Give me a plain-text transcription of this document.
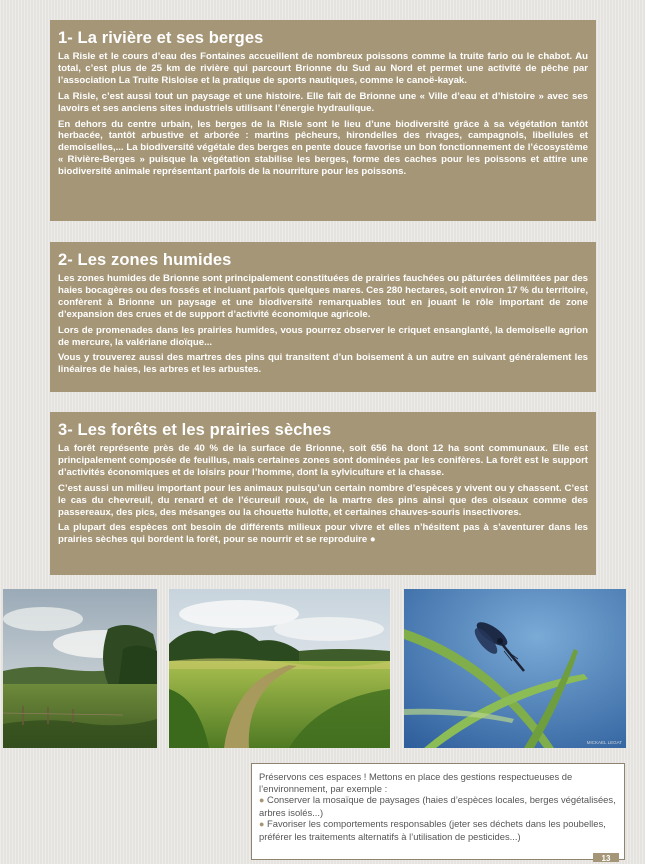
1- La rivière et ses berges

La Risle et le cours d’eau des Fontaines accueillent de nombreux poissons comme la truite fario ou le chabot. Au total, c’est plus de 25 km de rivière qui parcourt Brionne du Sud au Nord et permet une activité de pêche par l’association La Truite Risloise et la pratique de sports nautiques, comme le canoë-kayak.

La Risle, c’est aussi tout un paysage et une histoire. Elle fait de Brionne une « Ville d’eau et d’histoire » avec ses lavoirs et ses anciens sites industriels utilisant l’énergie hydraulique.

En dehors du centre urbain, les berges de la Risle sont le lieu d’une biodiversité grâce à sa végétation tantôt herbacée, tantôt arbustive et arborée : martins pêcheurs, hirondelles des rivages, campagnols, libellules et demoiselles,... La biodiversité végétale des berges en pente douce favorise un bon fonctionnement de l’écosystème « Rivière-Berges » puisque la végétation stabilise les berges, forme des caches pour les poissons et attire une biodiversité animale représentant parfois de la nourriture pour les poissons.

2- Les zones humides

Les zones humides de Brionne sont principalement constituées de prairies fauchées ou pâturées délimitées par des haies bocagères ou des fossés et incluant parfois quelques mares. Ces 280 hectares, soit environ 17 % du territoire, confèrent à Brionne un paysage et une biodiversité remarquables tout en jouant le rôle important de zone d’expansion des crues et de support d’activité économique agricole.

Lors de promenades dans les prairies humides, vous pourrez observer le criquet ensanglanté, la demoiselle agrion de mercure, la valériane dioïque...

Vous y trouverez aussi des martres des pins qui transitent d’un boisement à un autre en suivant généralement les linéaires de haies, les arbres et les arbustes.

3- Les forêts et les prairies sèches

La forêt représente près de 40 % de la surface de Brionne, soit 656 ha dont 12 ha sont communaux. Elle est principalement composée de feuillus, mais certaines zones sont dominées par les conifères. La forêt est le support d’activités économiques et de loisirs pour l’homme, dont la sylviculture et la chasse.

C’est aussi un milieu important pour les animaux puisqu’un certain nombre d’espèces y vivent ou y chassent. C’est le cas du chevreuil, du renard et de l’écureuil roux, de la martre des pins ainsi que des oiseaux comme des passereaux, des pics, des mésanges ou la chouette hulotte, et certaines chauves-souris insectivores.

La plupart des espèces ont besoin de différents milieux pour vivre et elles n’hésitent pas à s’aventurer dans les prairies sèches qui bordent la forêt, pour se nourrir et se reproduire ●

MICKAEL LEGAT

Préservons ces espaces ! Mettons en place des gestions respectueuses de l’environnement, par exemple :

● Conserver la mosaïque de paysages (haies d’espèces locales, berges végétalisées, arbres isolés...)

● Favoriser les comportements responsables (jeter ses déchets dans les poubelles, préférer les traitements alternatifs à l’utilisation de pesticides...)

13
